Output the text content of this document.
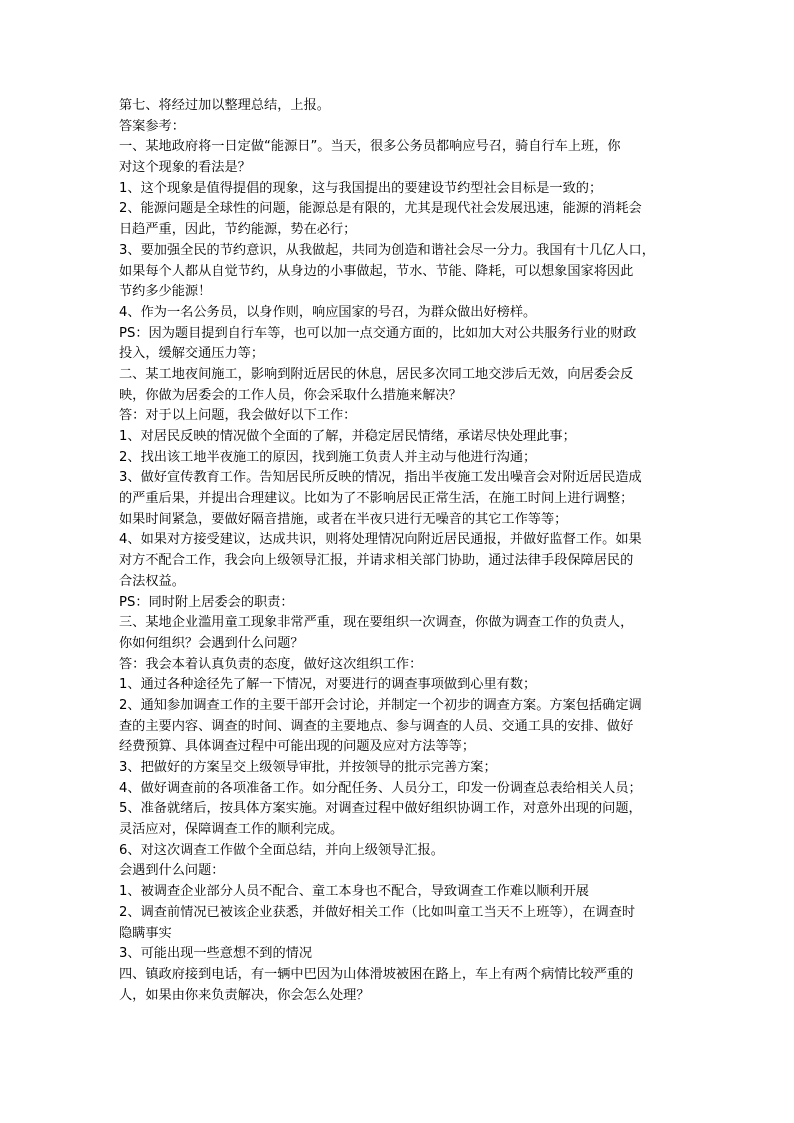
第七、将经过加以整理总结，上报。
答案参考：
一、某地政府将一日定做“能源日”。当天，很多公务员都响应号召，骑自行车上班，你
对这个现象的看法是？
1、这个现象是值得提倡的现象，这与我国提出的要建设节约型社会目标是一致的；
2、能源问题是全球性的问题，能源总是有限的，尤其是现代社会发展迅速，能源的消耗会
日趋严重，因此，节约能源，势在必行；
3、要加强全民的节约意识，从我做起，共同为创造和谐社会尽一分力。我国有十几亿人口，
如果每个人都从自觉节约，从身边的小事做起，节水、节能、降耗，可以想象国家将因此
节约多少能源！
4、作为一名公务员，以身作则，响应国家的号召，为群众做出好榜样。
PS：因为题目提到自行车等，也可以加一点交通方面的，比如加大对公共服务行业的财政
投入，缓解交通压力等；
二、某工地夜间施工，影响到附近居民的休息，居民多次同工地交涉后无效，向居委会反
映，你做为居委会的工作人员，你会采取什么措施来解决？
答：对于以上问题，我会做好以下工作：
1、对居民反映的情况做个全面的了解，并稳定居民情绪，承诺尽快处理此事；
2、找出该工地半夜施工的原因，找到施工负责人并主动与他进行沟通；
3、做好宣传教育工作。告知居民所反映的情况，指出半夜施工发出噪音会对附近居民造成
的严重后果，并提出合理建议。比如为了不影响居民正常生活，在施工时间上进行调整；
如果时间紧急，要做好隔音措施，或者在半夜只进行无噪音的其它工作等等；
4、如果对方接受建议，达成共识，则将处理情况向附近居民通报，并做好监督工作。如果
对方不配合工作，我会向上级领导汇报，并请求相关部门协助，通过法律手段保障居民的
合法权益。
PS：同时附上居委会的职责：
三、某地企业滥用童工现象非常严重，现在要组织一次调查，你做为调查工作的负责人，
你如何组织？会遇到什么问题？
答：我会本着认真负责的态度，做好这次组织工作：
1、通过各种途径先了解一下情况，对要进行的调查事项做到心里有数；
2、通知参加调查工作的主要干部开会讨论，并制定一个初步的调查方案。方案包括确定调
查的主要内容、调查的时间、调查的主要地点、参与调查的人员、交通工具的安排、做好
经费预算、具体调查过程中可能出现的问题及应对方法等等；
3、把做好的方案呈交上级领导审批，并按领导的批示完善方案；
4、做好调查前的各项准备工作。如分配任务、人员分工，印发一份调查总表给相关人员；
5、准备就绪后，按具体方案实施。对调查过程中做好组织协调工作，对意外出现的问题，
灵活应对，保障调查工作的顺利完成。
6、对这次调查工作做个全面总结，并向上级领导汇报。
会遇到什么问题：
1、被调查企业部分人员不配合、童工本身也不配合，导致调查工作难以顺利开展
2、调查前情况已被该企业获悉，并做好相关工作（比如叫童工当天不上班等），在调查时
隐瞒事实
3、可能出现一些意想不到的情况
四、镇政府接到电话，有一辆中巴因为山体滑坡被困在路上，车上有两个病情比较严重的
人，如果由你来负责解决，你会怎么处理？
